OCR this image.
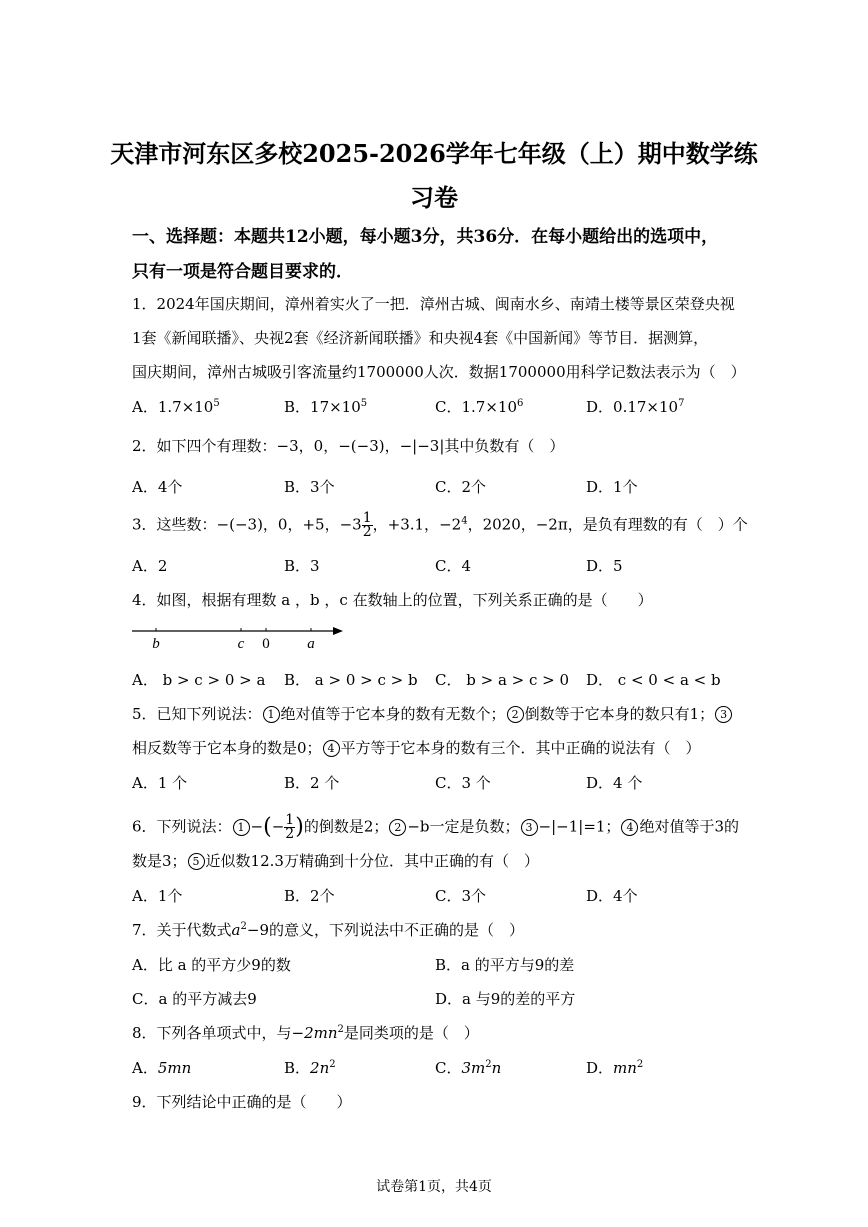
天津市河东区多校2025-2026学年七年级（上）期中数学练
习卷
一、选择题：本题共12小题，每小题3分，共36分．在每小题给出的选项中，
只有一项是符合题目要求的．
1．2024年国庆期间，漳州着实火了一把．漳州古城、闽南水乡、南靖土楼等景区荣登央视
1套《新闻联播》、央视2套《经济新闻联播》和央视4套《中国新闻》等节目．据测算，
国庆期间，漳州古城吸引客流量约1700000人次．数据1700000用科学记数法表示为（　）
A．$1.7\times 10^5$	B．$17\times 10^5$	C．$1.7\times 10^6$	D．$0.17\times 10^7$
2．如下四个有理数：−3，0，−(−3)，−|−3|其中负数有（　）
A．4个	B．3个	C．2个	D．1个
3．这些数：−(−3)，0，+5，$-3 \frac{1}{2}$ ，+3.1，$-2^4$，2020，−2π，是负有理数的有（　）个
A．2	B．3	C．4	D．5
4．如图，根据有理数 a ，b ，c 在数轴上的位置，下列关系正确的是（　　）
b	c 0	a
A． b > c > 0 > a B． a > 0 > c > b C． b > a > c > 0 D． c < 0 < a < b
5．已知下列说法： 1 绝对值等于它本身的数有无数个； 2 倒数等于它本身的数只有1； 3
相反数等于它本身的数是0； 4 平方等于它本身的数有三个．其中正确的说法有（　）
A．1 个	B．2 个	C．3 个	D．4 个
6．下列说法： 1 −(− $\frac{1}{2}$ )的倒数是2； 2 −b一定是负数； 3 −|−1|=1； 4 绝对值等于3的
数是3； 5 近似数12.3万精确到十分位．其中正确的有（　）
A．1个	B．2个	C．3个	D．4个
7．关于代数式$a^2-9$的意义，下列说法中不正确的是（　）
A．比 a 的平方少9的数	B．a 的平方与9的差
C．a 的平方减去9	D．a 与9的差的平方
8．下列各单项式中，与$-2mn^2$是同类项的是（　）
A．5mn	B．$2n^2$	C．$3m^2n$	D．$mn^2$
9．下列结论中正确的是（　　）
试卷第1页，共4页
